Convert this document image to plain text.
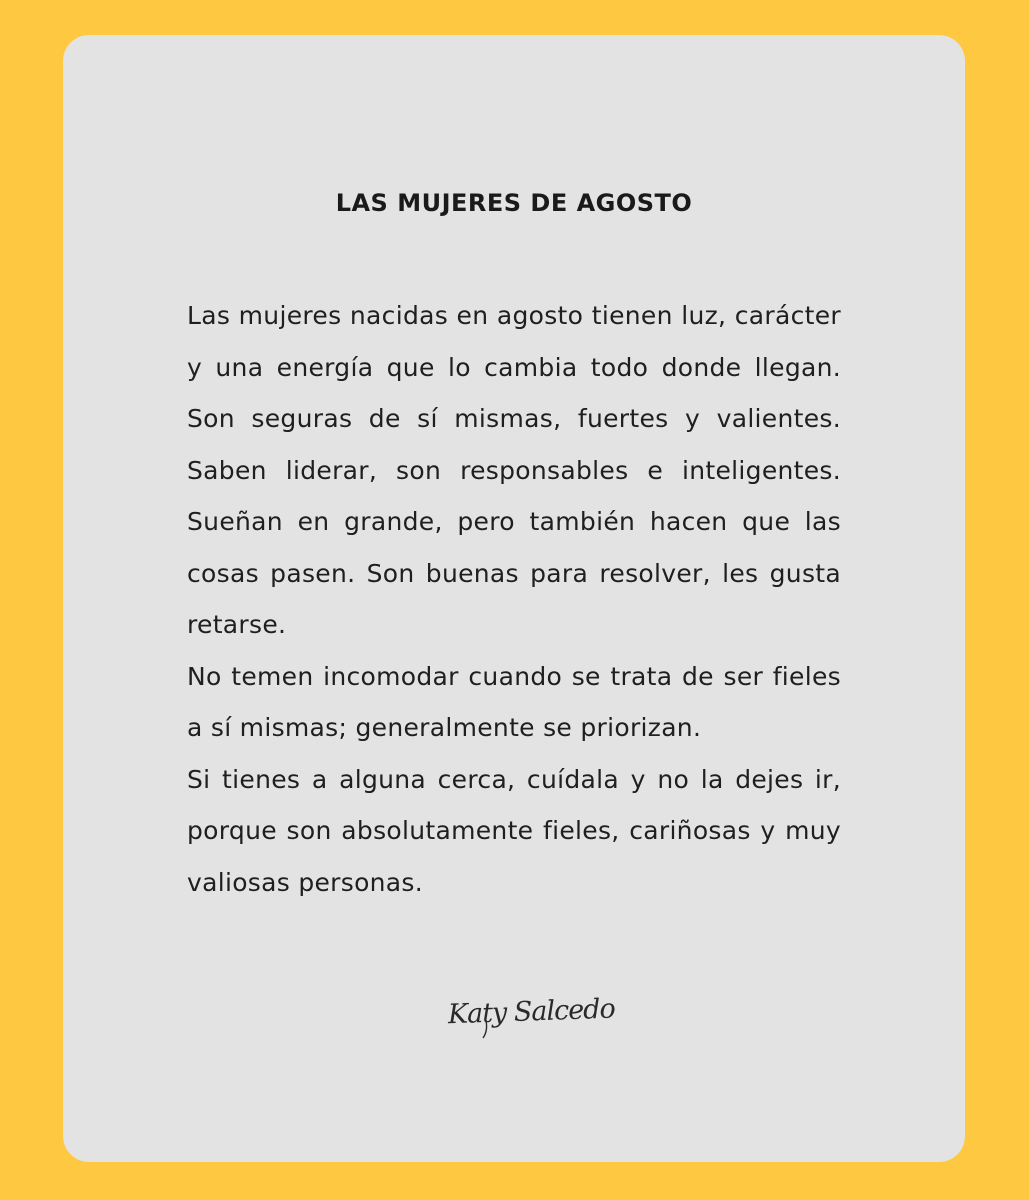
LAS MUJERES DE AGOSTO

Las mujeres nacidas en agosto tienen luz, carácter y una energía que lo cambia todo donde llegan. Son seguras de sí mismas, fuertes y valientes. Saben liderar, son responsables e inteligentes. Sueñan en grande, pero también hacen que las cosas pasen. Son buenas para resolver, les gusta retarse.

No temen incomodar cuando se trata de ser fieles a sí mismas; generalmente se priorizan.

Si tienes a alguna cerca, cuídala y no la dejes ir, porque son absolutamente fieles, cariñosas y muy valiosas personas.

Katy Salcedo
